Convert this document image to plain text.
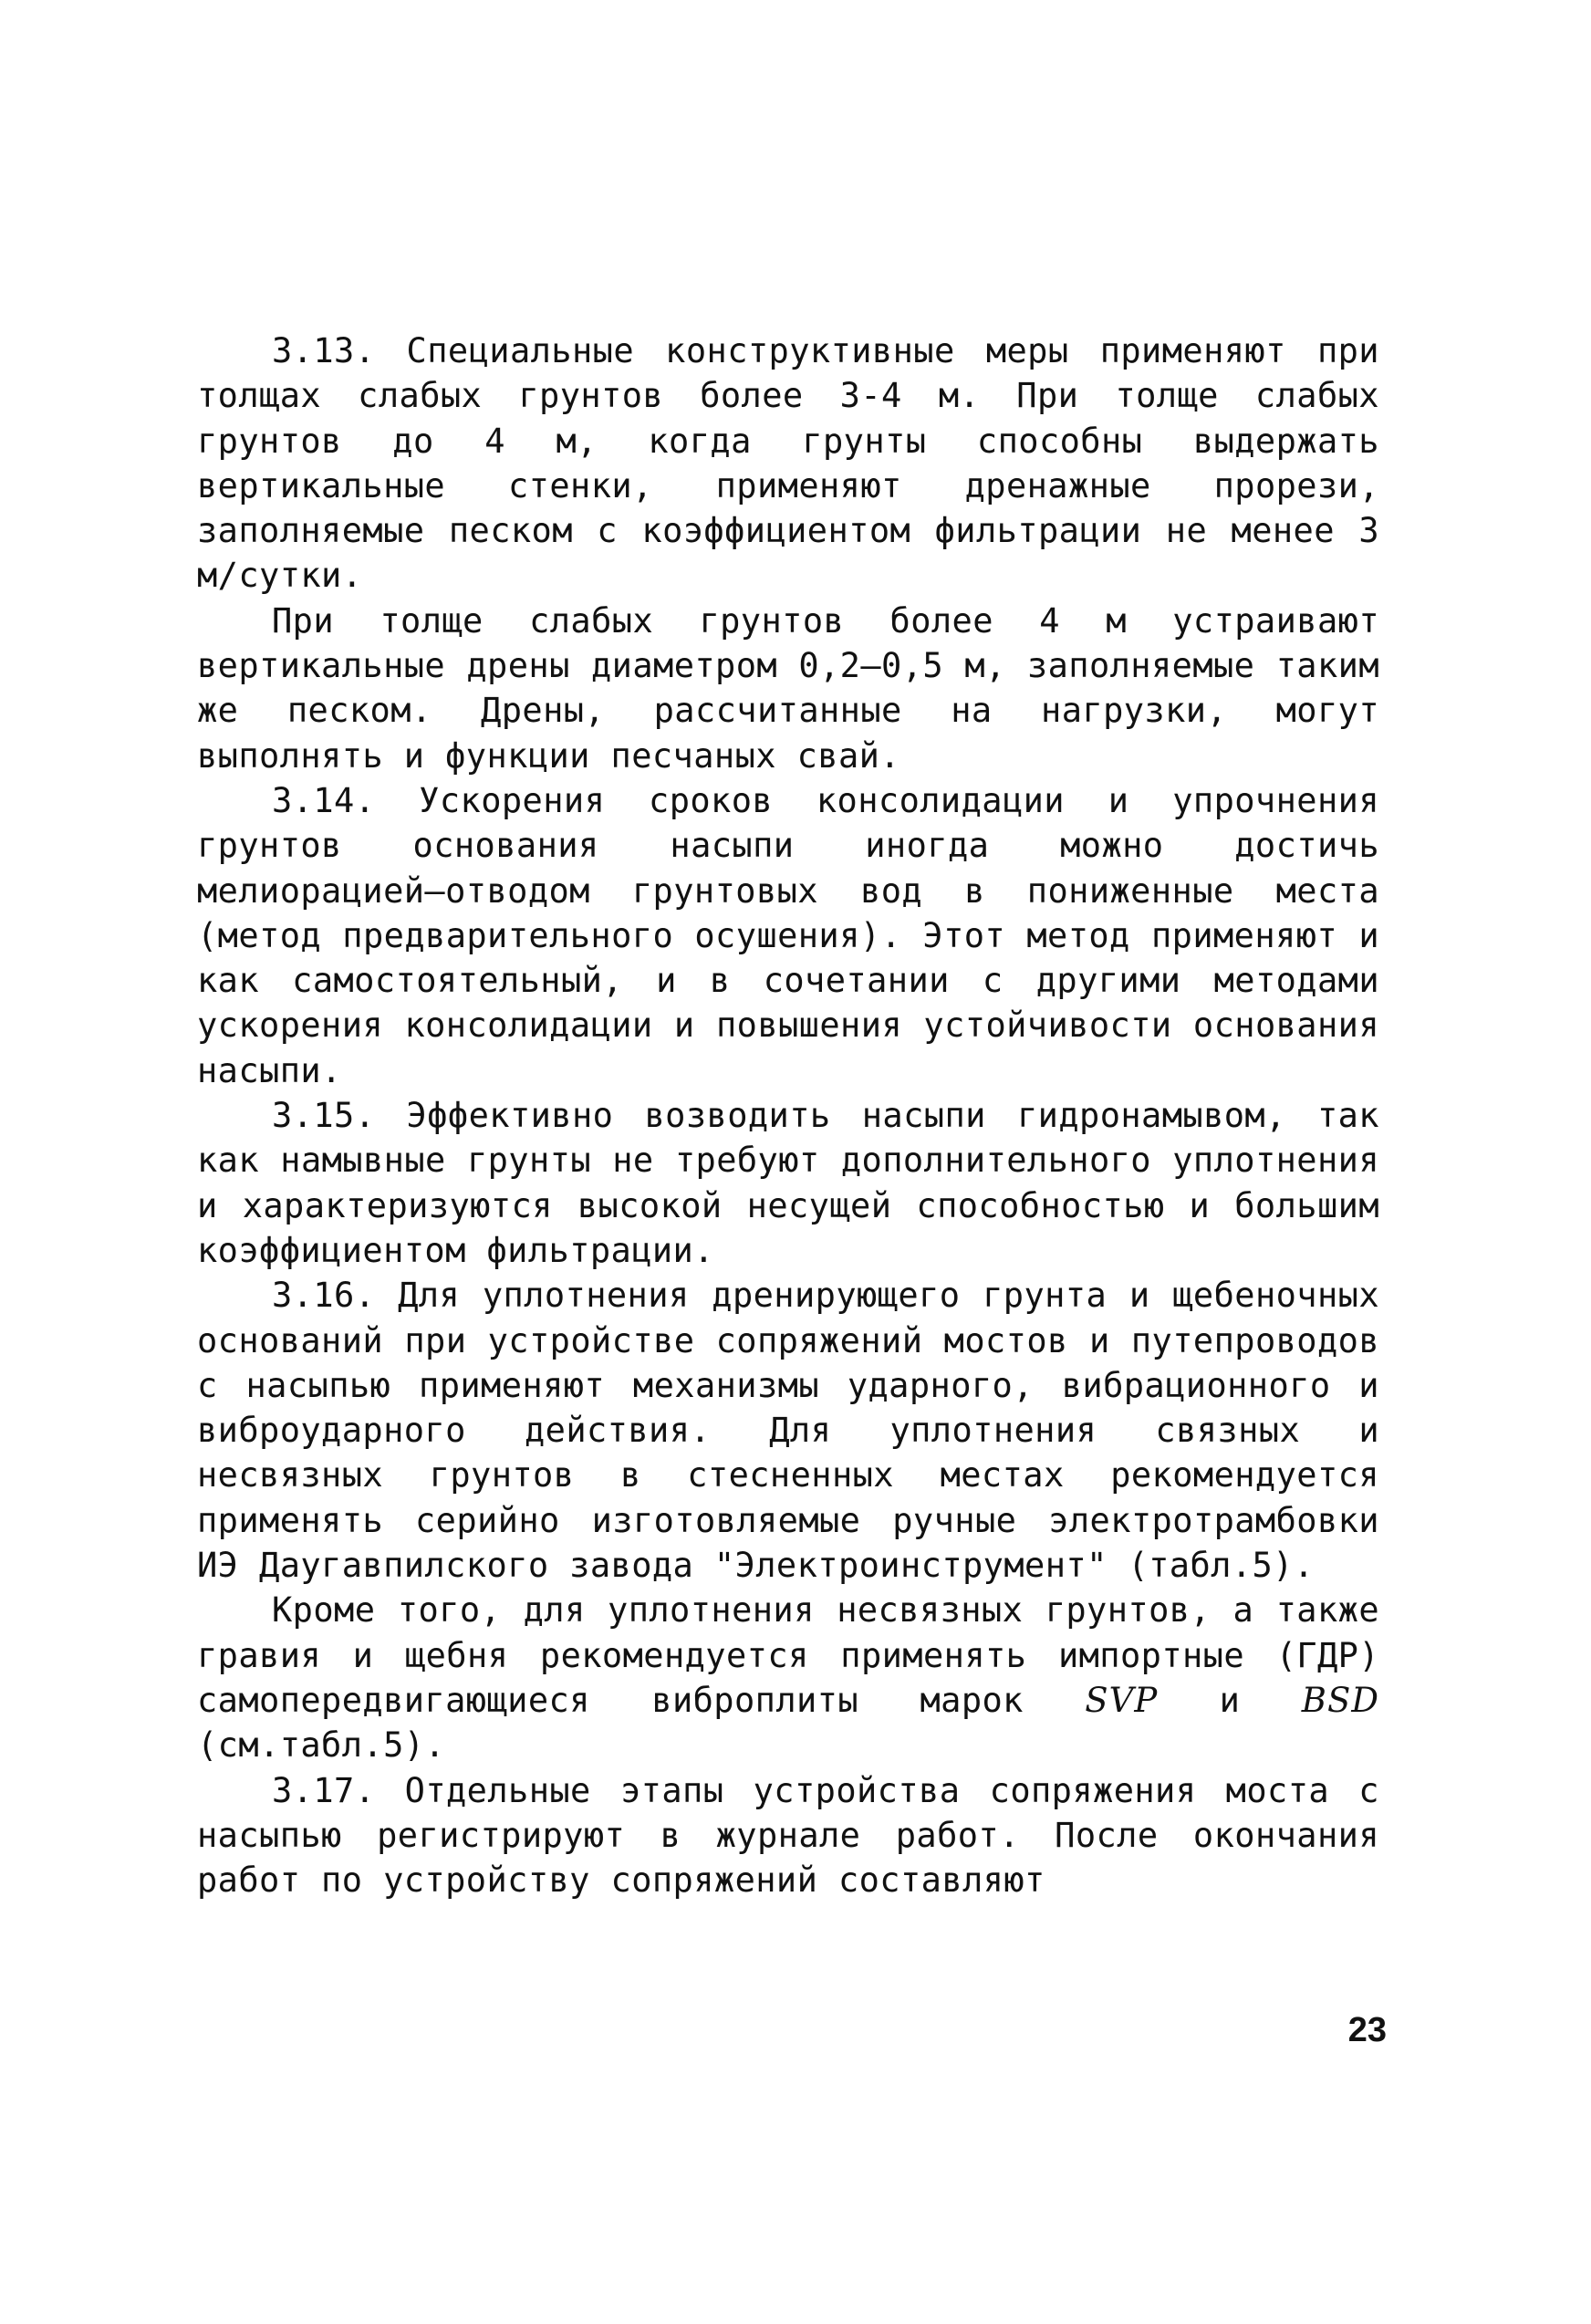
3.13. Специальные конструктивные меры применяют при толщах слабых грунтов более 3-4 м. При толще слабых грунтов до 4 м, когда грунты способны выдержать вертикальные стенки, применяют дренажные прорези, заполняемые песком с коэффициентом фильтрации не менее 3 м/сутки.

При толще слабых грунтов более 4 м устраивают вертикальные дрены диаметром 0,2–0,5 м, заполняемые таким же песком. Дрены, рассчитанные на нагрузки, могут выполнять и функции песчаных свай.

3.14. Ускорения сроков консолидации и упрочнения грунтов основания насыпи иногда можно достичь мелиорацией–отводом грунтовых вод в пониженные места (метод предварительного осушения). Этот метод применяют и как самостоятельный, и в сочетании с другими методами ускорения консолидации и повышения устойчивости основания насыпи.

3.15. Эффективно возводить насыпи гидронамывом, так как намывные грунты не требуют дополнительного уплотнения и характеризуются высокой несущей способностью и большим коэффициентом фильтрации.

3.16. Для уплотнения дренирующего грунта и щебеночных оснований при устройстве сопряжений мостов и путепроводов с насыпью применяют механизмы ударного, вибрационного и виброударного действия. Для уплотнения связных и несвязных грунтов в стесненных местах рекомендуется применять серийно изготовляемые ручные электротрамбовки ИЭ Даугавпилского завода "Электроинструмент" (табл.5).

Кроме того, для уплотнения несвязных грунтов, а также гравия и щебня рекомендуется применять импортные (ГДР) самопередвигающиеся виброплиты марок SVP и BSD (см.табл.5).

3.17. Отдельные этапы устройства сопряжения моста с насыпью регистрируют в журнале работ. После окончания работ по устройству сопряжений составляют

23
